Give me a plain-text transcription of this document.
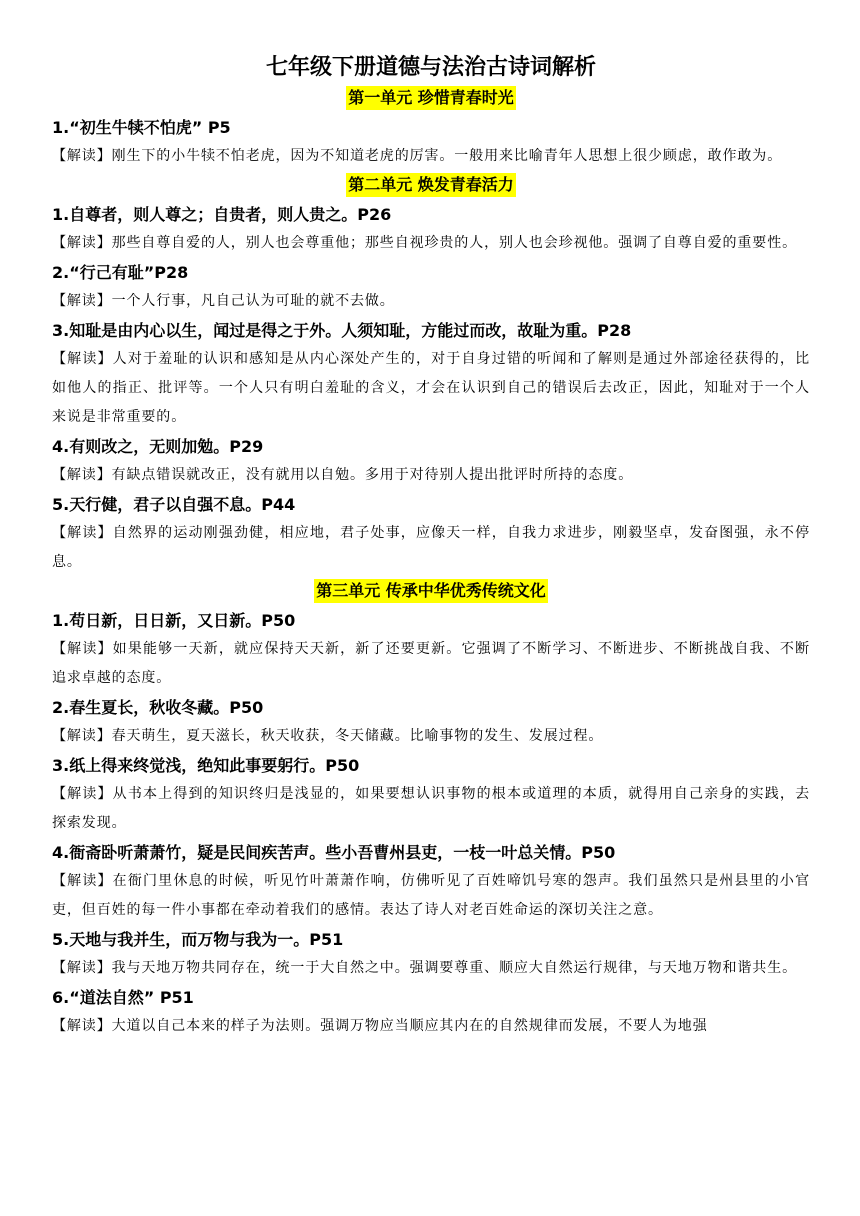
七年级下册道德与法治古诗词解析
第一单元 珍惜青春时光
1.“初生牛犊不怕虎” P5
【解读】刚生下的小牛犊不怕老虎，因为不知道老虎的厉害。一般用来比喻青年人思想上很少顾虑，敢作敢为。
第二单元 焕发青春活力
1.自尊者，则人尊之；自贵者，则人贵之。P26
【解读】那些自尊自爱的人，别人也会尊重他；那些自视珍贵的人，别人也会珍视他。强调了自尊自爱的重要性。
2.“行己有耻”P28
【解读】一个人行事，凡自己认为可耻的就不去做。
3.知耻是由内心以生，闻过是得之于外。人须知耻，方能过而改，故耻为重。P28
【解读】人对于羞耻的认识和感知是从内心深处产生的，对于自身过错的听闻和了解则是通过外部途径获得的，比如他人的指正、批评等。一个人只有明白羞耻的含义，才会在认识到自己的错误后去改正，因此，知耻对于一个人来说是非常重要的。
4.有则改之，无则加勉。P29
【解读】有缺点错误就改正，没有就用以自勉。多用于对待别人提出批评时所持的态度。
5.天行健，君子以自强不息。P44
【解读】自然界的运动刚强劲健，相应地，君子处事，应像天一样，自我力求进步，刚毅坚卓，发奋图强，永不停息。
第三单元 传承中华优秀传统文化
1.苟日新，日日新，又日新。P50
【解读】如果能够一天新，就应保持天天新，新了还要更新。它强调了不断学习、不断进步、不断挑战自我、不断追求卓越的态度。
2.春生夏长，秋收冬藏。P50
【解读】春天萌生，夏天滋长，秋天收获，冬天储藏。比喻事物的发生、发展过程。
3.纸上得来终觉浅，绝知此事要躬行。P50
【解读】从书本上得到的知识终归是浅显的，如果要想认识事物的根本或道理的本质，就得用自己亲身的实践，去探索发现。
4.衙斋卧听萧萧竹，疑是民间疾苦声。些小吾曹州县吏，一枝一叶总关情。P50
【解读】在衙门里休息的时候，听见竹叶萧萧作响，仿佛听见了百姓啼饥号寒的怨声。我们虽然只是州县里的小官吏，但百姓的每一件小事都在牵动着我们的感情。表达了诗人对老百姓命运的深切关注之意。
5.天地与我并生，而万物与我为一。P51
【解读】我与天地万物共同存在，统一于大自然之中。强调要尊重、顺应大自然运行规律，与天地万物和谐共生。
6.“道法自然” P51
【解读】大道以自己本来的样子为法则。强调万物应当顺应其内在的自然规律而发展，不要人为地强
